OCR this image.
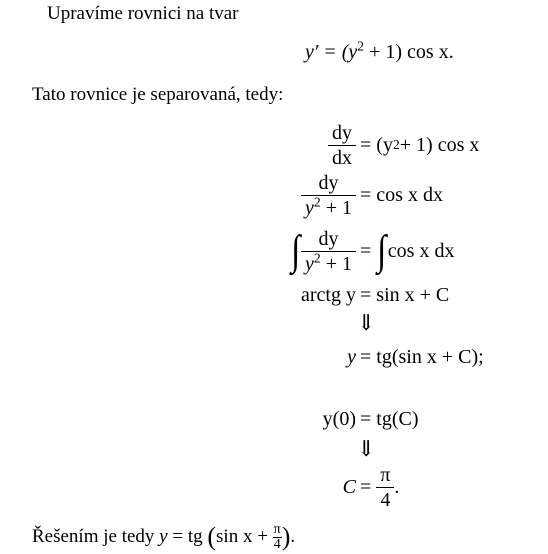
Upravíme rovnici na tvar
$y' = (y^2 + 1)$ cos x.
Tato rovnice je separovaná, tedy:
$\frac{dy}{dx} = (y$ 2 + 1) cos x
$\frac{dy}{y^2 + 1} = \cos x$ dx
∫ $\frac{dy}{y^2 + 1}$ = ∫ cos x dx
arctg y = sin x + C
⇓
y = tg(sin x + C);
y(0) = tg(C)
⇓
C =
$\frac{\pi}{4}$ .
Řešením je tedy
y = tg ( sin x +
$\frac{\pi}{4}$ ) .
